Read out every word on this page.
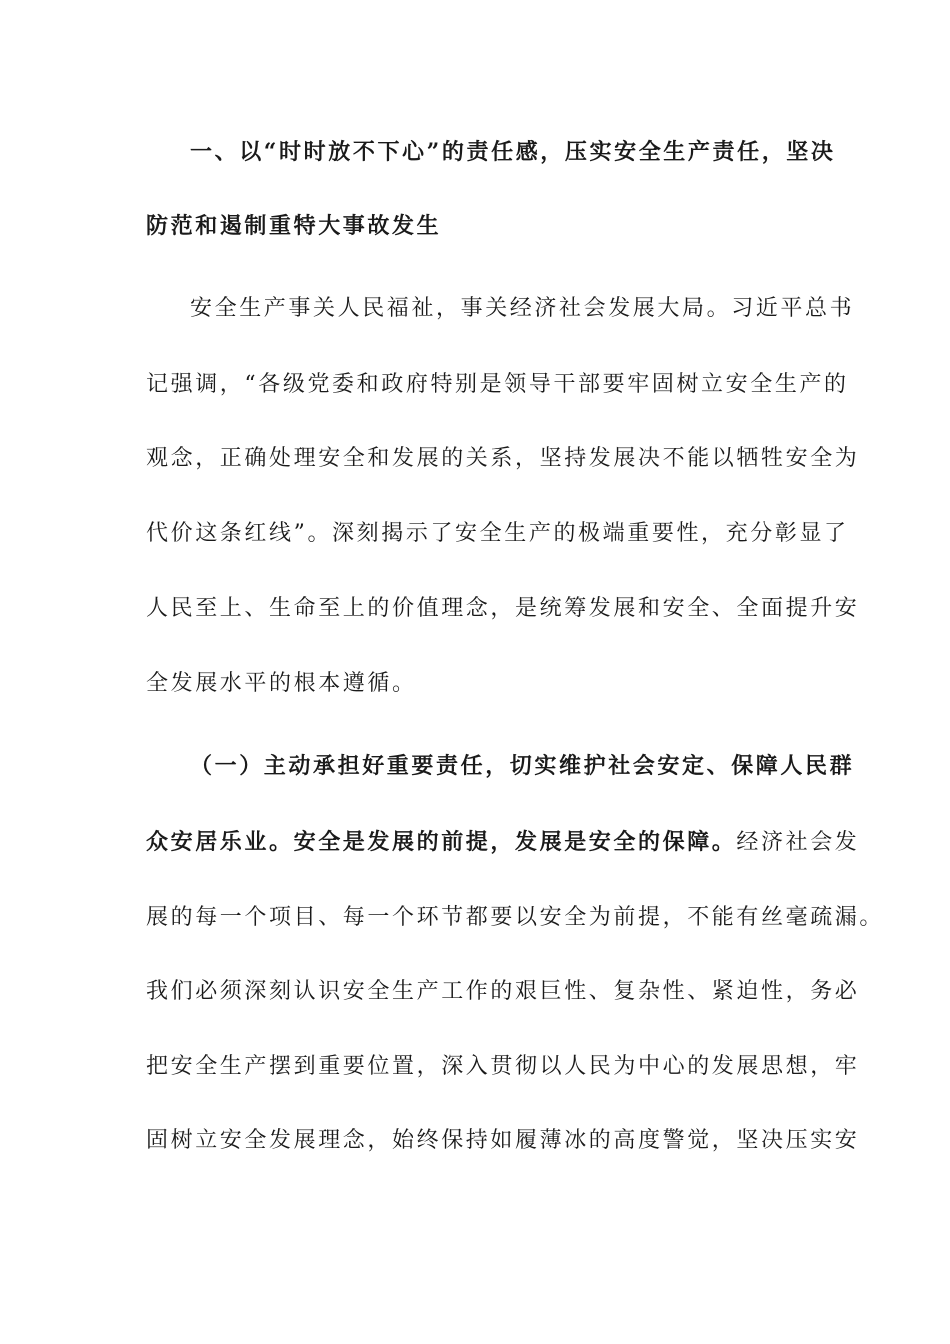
一、以“时时放不下心”的责任感，压实安全生产责任，坚决
防范和遏制重特大事故发生
安全生产事关人民福祉，事关经济社会发展大局。习近平总书
记强调，“各级党委和政府特别是领导干部要牢固树立安全生产的
观念，正确处理安全和发展的关系，坚持发展决不能以牺牲安全为
代价这条红线”。深刻揭示了安全生产的极端重要性，充分彰显了
人民至上、生命至上的价值理念，是统筹发展和安全、全面提升安
全发展水平的根本遵循。
（一）主动承担好重要责任，切实维护社会安定、保障人民群
众安居乐业。安全是发展的前提，发展是安全的保障。经济社会发
展的每一个项目、每一个环节都要以安全为前提，不能有丝毫疏漏。
我们必须深刻认识安全生产工作的艰巨性、复杂性、紧迫性，务必
把安全生产摆到重要位置，深入贯彻以人民为中心的发展思想，牢
固树立安全发展理念，始终保持如履薄冰的高度警觉，坚决压实安
